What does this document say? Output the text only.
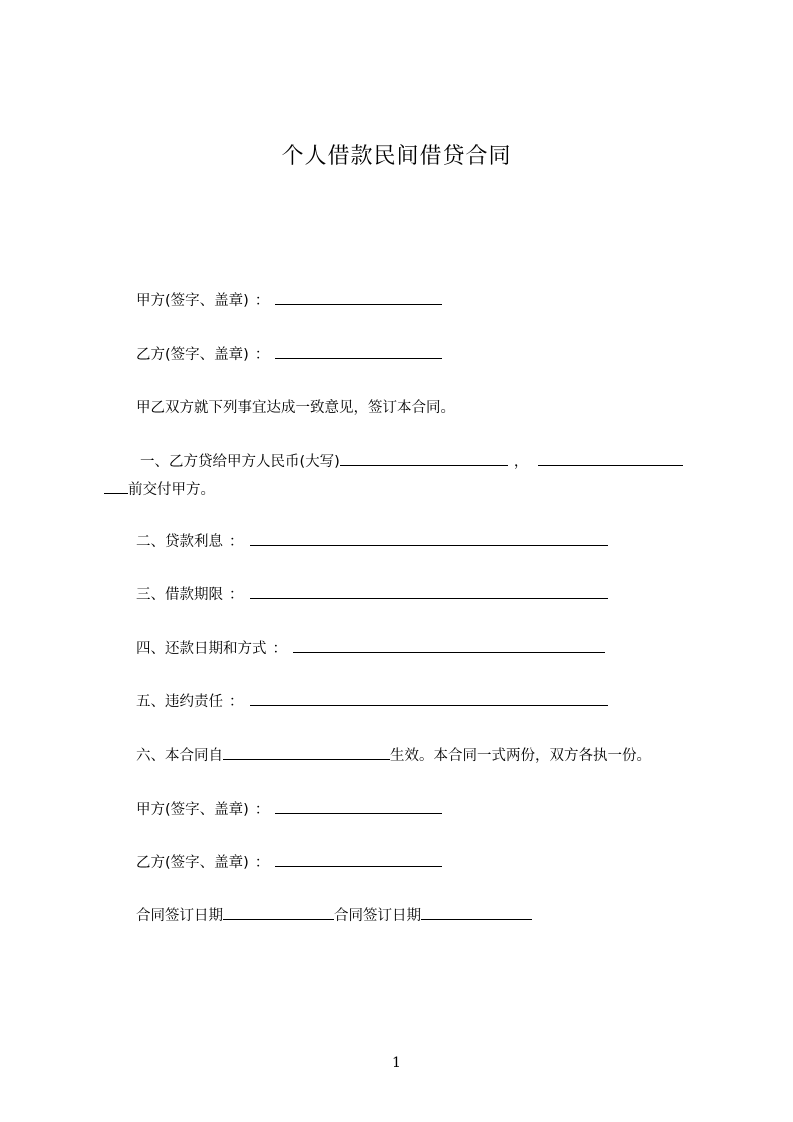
个人借款民间借贷合同
甲方(签字、盖章) ：
乙方(签字、盖章) ：
甲乙双方就下列事宜达成一致意见，签订本合同。
一、乙方贷给甲方人民币(大写)	，
前交付甲方。
二、贷款利息 ：
三、借款期限 ：
四、还款日期和方式 ：
五、违约责任 ：
六、本合同自	生效。本合同一式两份，双方各执一份。
甲方(签字、盖章) ：
乙方(签字、盖章) ：
合同签订日期	合同签订日期
1
